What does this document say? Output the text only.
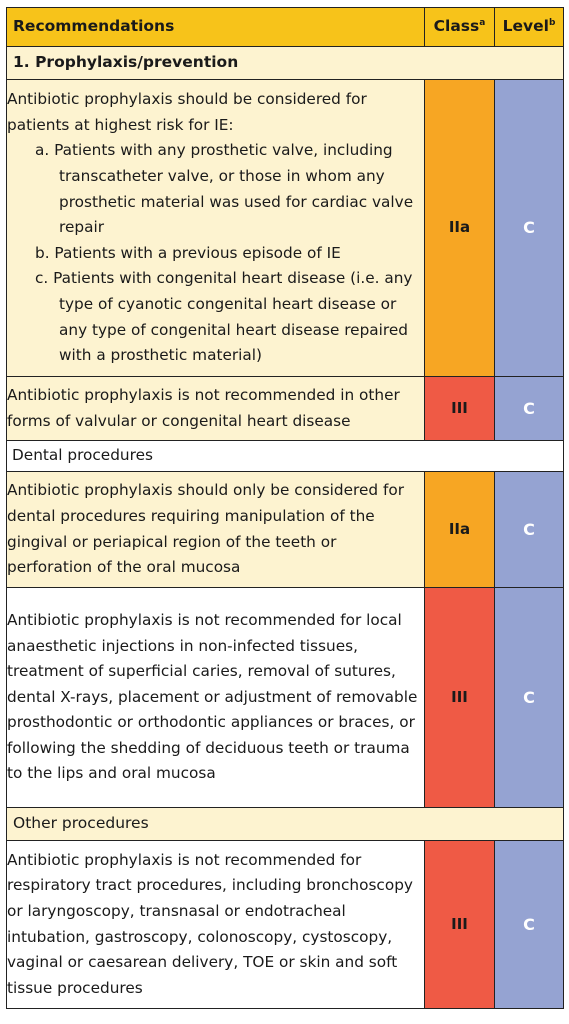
Recommendations	Class$^a$	Level$^b$
1. Prophylaxis/prevention		

Antibiotic prophylaxis should be considered for
patients at highest risk for IE:
a. Patients with any prosthetic valve, including transcatheter valve, or those in whom any prosthetic material was used for cardiac valve repair
b. Patients with a previous episode of IE
c. Patients with congenital heart disease (i.e. any type of cyanotic congenital heart disease or any type of congenital heart disease repaired with a prosthetic material)	IIa	C
Antibiotic prophylaxis is not recommended in other forms of valvular or congenital heart disease	III	C
Dental procedures		
Antibiotic prophylaxis should only be considered for dental procedures requiring manipulation of the gingival or periapical region of the teeth or perforation of the oral mucosa	IIa	C
Antibiotic prophylaxis is not recommended for local anaesthetic injections in non-infected tissues, treatment of superficial caries, removal of sutures, dental X-rays, placement or adjustment of removable prosthodontic or orthodontic appliances or braces, or following the shedding of deciduous teeth or trauma to the lips and oral mucosa	III	C
Other procedures		
Antibiotic prophylaxis is not recommended for respiratory tract procedures, including bronchoscopy or laryngoscopy, transnasal or endotracheal intubation, gastroscopy, colonoscopy, cystoscopy, vaginal or caesarean delivery, TOE or skin and soft tissue procedures	III	C
